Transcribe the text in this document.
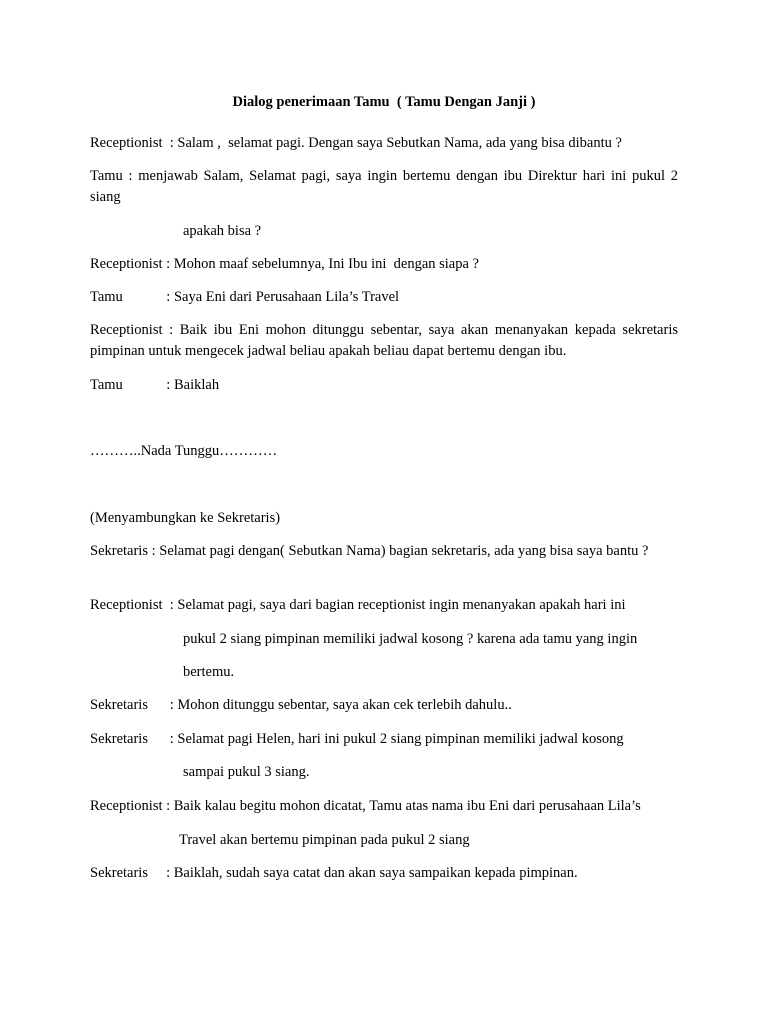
Dialog penerimaan Tamu  ( Tamu Dengan Janji )
Receptionist  : Salam ,  selamat pagi. Dengan saya Sebutkan Nama, ada yang bisa dibantu ?
Tamu : menjawab Salam, Selamat pagi, saya ingin bertemu dengan ibu Direktur hari ini pukul 2 siang
apakah bisa ?
Receptionist : Mohon maaf sebelumnya, Ini Ibu ini  dengan siapa ?
Tamu            : Saya Eni dari Perusahaan Lila’s Travel
Receptionist : Baik ibu Eni mohon ditunggu sebentar, saya akan menanyakan kepada sekretaris pimpinan untuk mengecek jadwal beliau apakah beliau dapat bertemu dengan ibu.
Tamu            : Baiklah
………..Nada Tunggu…………
(Menyambungkan ke Sekretaris)
Sekretaris : Selamat pagi dengan( Sebutkan Nama) bagian sekretaris, ada yang bisa saya bantu ?
Receptionist  : Selamat pagi, saya dari bagian receptionist ingin menanyakan apakah hari ini
pukul 2 siang pimpinan memiliki jadwal kosong ? karena ada tamu yang ingin
bertemu.
Sekretaris      : Mohon ditunggu sebentar, saya akan cek terlebih dahulu..
Sekretaris      : Selamat pagi Helen, hari ini pukul 2 siang pimpinan memiliki jadwal kosong
sampai pukul 3 siang.
Receptionist : Baik kalau begitu mohon dicatat, Tamu atas nama ibu Eni dari perusahaan Lila’s
Travel akan bertemu pimpinan pada pukul 2 siang
Sekretaris     : Baiklah, sudah saya catat dan akan saya sampaikan kepada pimpinan.
